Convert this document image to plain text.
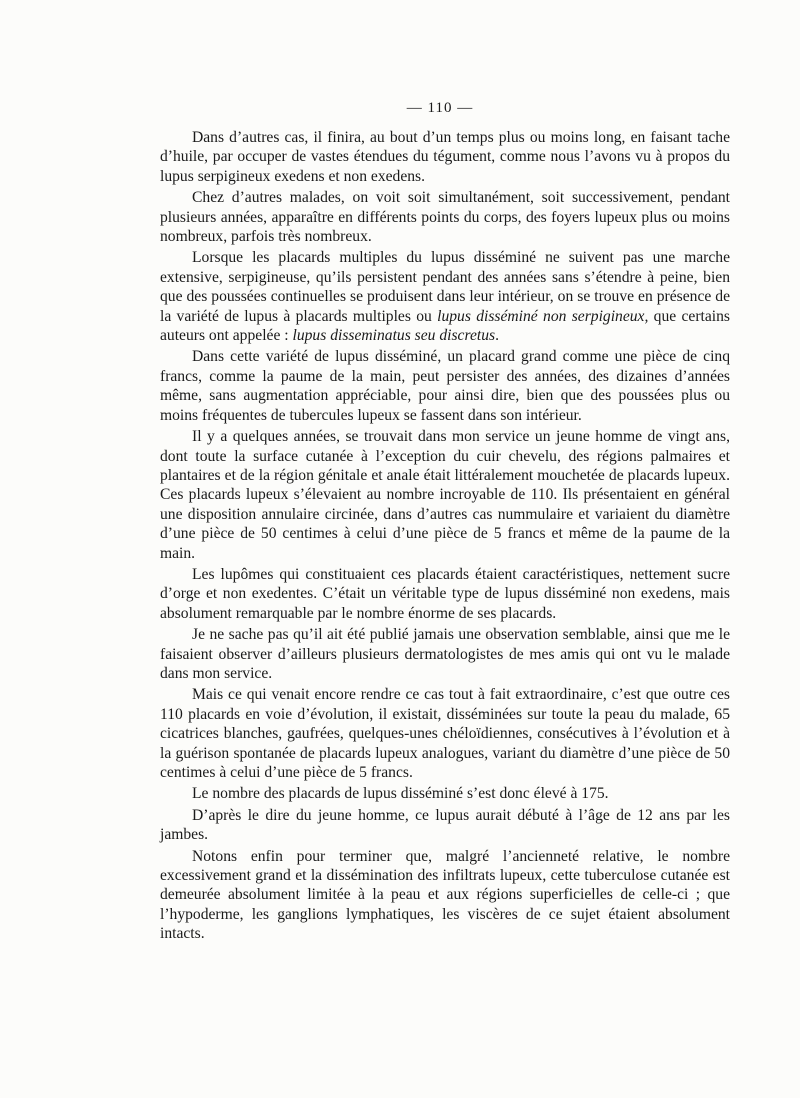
— 110 —

Dans d’autres cas, il finira, au bout d’un temps plus ou moins long, en faisant tache d’huile, par occuper de vastes étendues du tégument, comme nous l’avons vu à propos du lupus serpigineux exedens et non exedens.

Chez d’autres malades, on voit soit simultanément, soit successivement, pendant plusieurs années, apparaître en différents points du corps, des foyers lupeux plus ou moins nombreux, parfois très nombreux.

Lorsque les placards multiples du lupus disséminé ne suivent pas une marche extensive, serpigineuse, qu’ils persistent pendant des années sans s’étendre à peine, bien que des poussées continuelles se produisent dans leur intérieur, on se trouve en présence de la variété de lupus à placards multiples ou lupus disséminé non serpigineux, que certains auteurs ont appelée : lupus disseminatus seu discretus.

Dans cette variété de lupus disséminé, un placard grand comme une pièce de cinq francs, comme la paume de la main, peut persister des années, des dizaines d’années même, sans augmentation appréciable, pour ainsi dire, bien que des poussées plus ou moins fréquentes de tubercules lupeux se fassent dans son intérieur.

Il y a quelques années, se trouvait dans mon service un jeune homme de vingt ans, dont toute la surface cutanée à l’exception du cuir chevelu, des régions palmaires et plantaires et de la région génitale et anale était littéralement mouchetée de placards lupeux. Ces placards lupeux s’élevaient au nombre incroyable de 110. Ils présentaient en général une disposition annulaire circinée, dans d’autres cas nummulaire et variaient du diamètre d’une pièce de 50 centimes à celui d’une pièce de 5 francs et même de la paume de la main.

Les lupômes qui constituaient ces placards étaient caractéristiques, nettement sucre d’orge et non exedentes. C’était un véritable type de lupus disséminé non exedens, mais absolument remarquable par le nombre énorme de ses placards.

Je ne sache pas qu’il ait été publié jamais une observation semblable, ainsi que me le faisaient observer d’ailleurs plusieurs dermatologistes de mes amis qui ont vu le malade dans mon service.

Mais ce qui venait encore rendre ce cas tout à fait extraordinaire, c’est que outre ces 110 placards en voie d’évolution, il existait, disséminées sur toute la peau du malade, 65 cicatrices blanches, gaufrées, quelques-unes chéloïdiennes, consécutives à l’évolution et à la guérison spontanée de placards lupeux analogues, variant du diamètre d’une pièce de 50 centimes à celui d’une pièce de 5 francs.

Le nombre des placards de lupus disséminé s’est donc élevé à 175.

D’après le dire du jeune homme, ce lupus aurait débuté à l’âge de 12 ans par les jambes.

Notons enfin pour terminer que, malgré l’ancienneté relative, le nombre excessivement grand et la dissémination des infiltrats lupeux, cette tuberculose cutanée est demeurée absolument limitée à la peau et aux régions superficielles de celle-ci ; que l’hypoderme, les ganglions lymphatiques, les viscères de ce sujet étaient absolument intacts.
